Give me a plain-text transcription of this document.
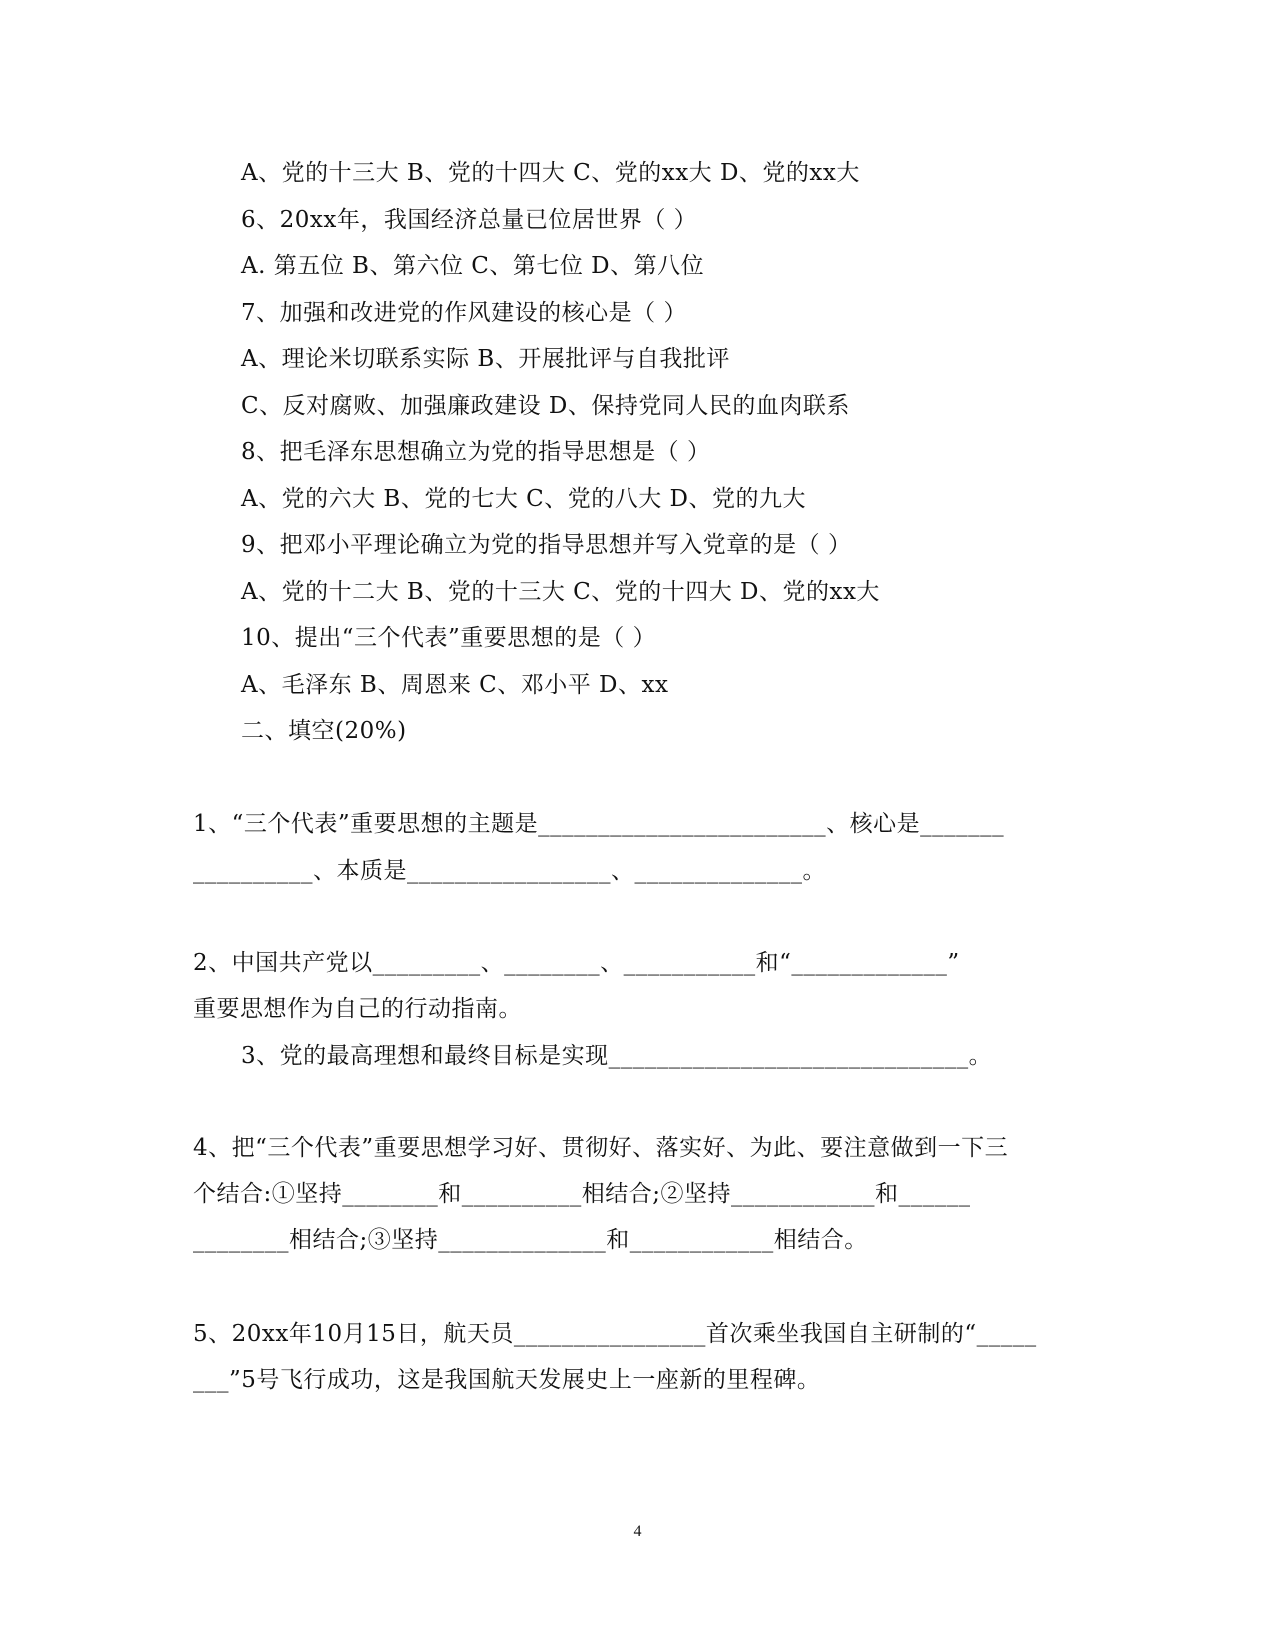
A、党的十三大 B、党的十四大 C、党的xx大 D、党的xx大
6、20xx年，我国经济总量已位居世界（ ）
A. 第五位 B、第六位 C、第七位 D、第八位
7、加强和改进党的作风建设的核心是（ ）
A、理论米切联系实际 B、开展批评与自我批评
C、反对腐败、加强廉政建设 D、保持党同人民的血肉联系
8、把毛泽东思想确立为党的指导思想是（ ）
A、党的六大 B、党的七大 C、党的八大 D、党的九大
9、把邓小平理论确立为党的指导思想并写入党章的是（ ）
A、党的十二大 B、党的十三大 C、党的十四大 D、党的xx大
10、提出“三个代表”重要思想的是（ ）
A、毛泽东 B、周恩来 C、邓小平 D、xx
二、填空(20%)
1、“三个代表”重要思想的主题是________________________、核心是_______
__________、本质是_________________、______________。
2、中国共产党以_________、________、___________和“_____________”
重要思想作为自己的行动指南。
3、党的最高理想和最终目标是实现______________________________。
4、把“三个代表”重要思想学习好、贯彻好、落实好、为此、要注意做到一下三
个结合:①坚持________和__________相结合;②坚持____________和______
________相结合;③坚持______________和____________相结合。
5、20xx年10月15日，航天员________________首次乘坐我国自主研制的“_____
___”5号飞行成功，这是我国航天发展史上一座新的里程碑。
4
